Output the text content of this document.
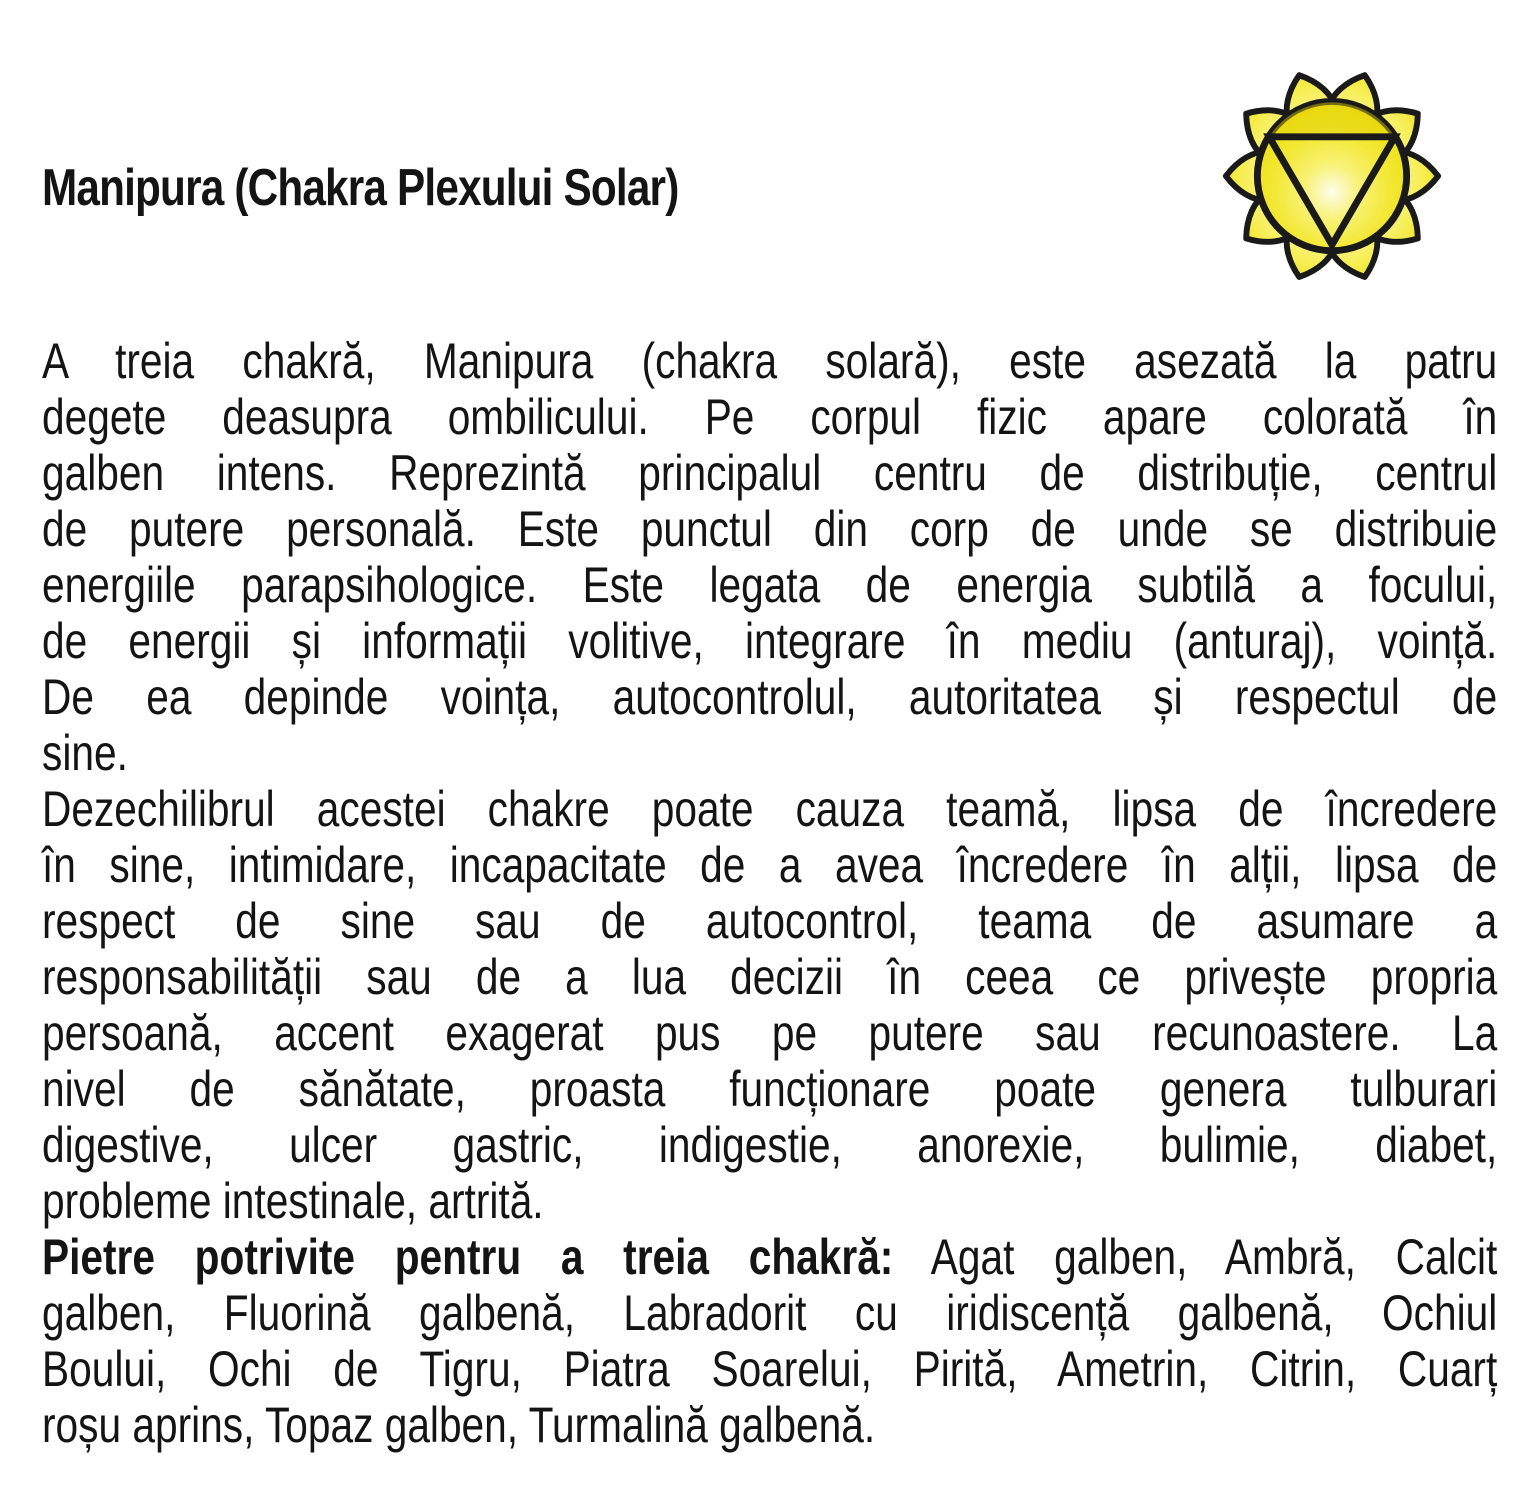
Manipura (Chakra Plexului Solar)
A treia chakră, Manipura (chakra solară), este asezată la patru
degete deasupra ombilicului. Pe corpul fizic apare colorată în
galben intens. Reprezintă principalul centru de distribuție, centrul
de putere personală. Este punctul din corp de unde se distribuie
energiile parapsihologice. Este legata de energia subtilă a focului,
de energii și informații volitive, integrare în mediu (anturaj), voință.
De ea depinde voința, autocontrolul, autoritatea și respectul de
sine.
Dezechilibrul acestei chakre poate cauza teamă, lipsa de încredere
în sine, intimidare, incapacitate de a avea încredere în alții, lipsa de
respect de sine sau de autocontrol, teama de asumare a
responsabilității sau de a lua decizii în ceea ce privește propria
persoană, accent exagerat pus pe putere sau recunoastere. La
nivel de sănătate, proasta funcționare poate genera tulburari
digestive, ulcer gastric, indigestie, anorexie, bulimie, diabet,
probleme intestinale, artrită.
Pietre potrivite pentru a treia chakră: Agat galben, Ambră, Calcit
galben, Fluorină galbenă, Labradorit cu iridiscență galbenă, Ochiul
Boului, Ochi de Tigru, Piatra Soarelui, Pirită, Ametrin, Citrin, Cuarț
roșu aprins, Topaz galben, Turmalină galbenă.
